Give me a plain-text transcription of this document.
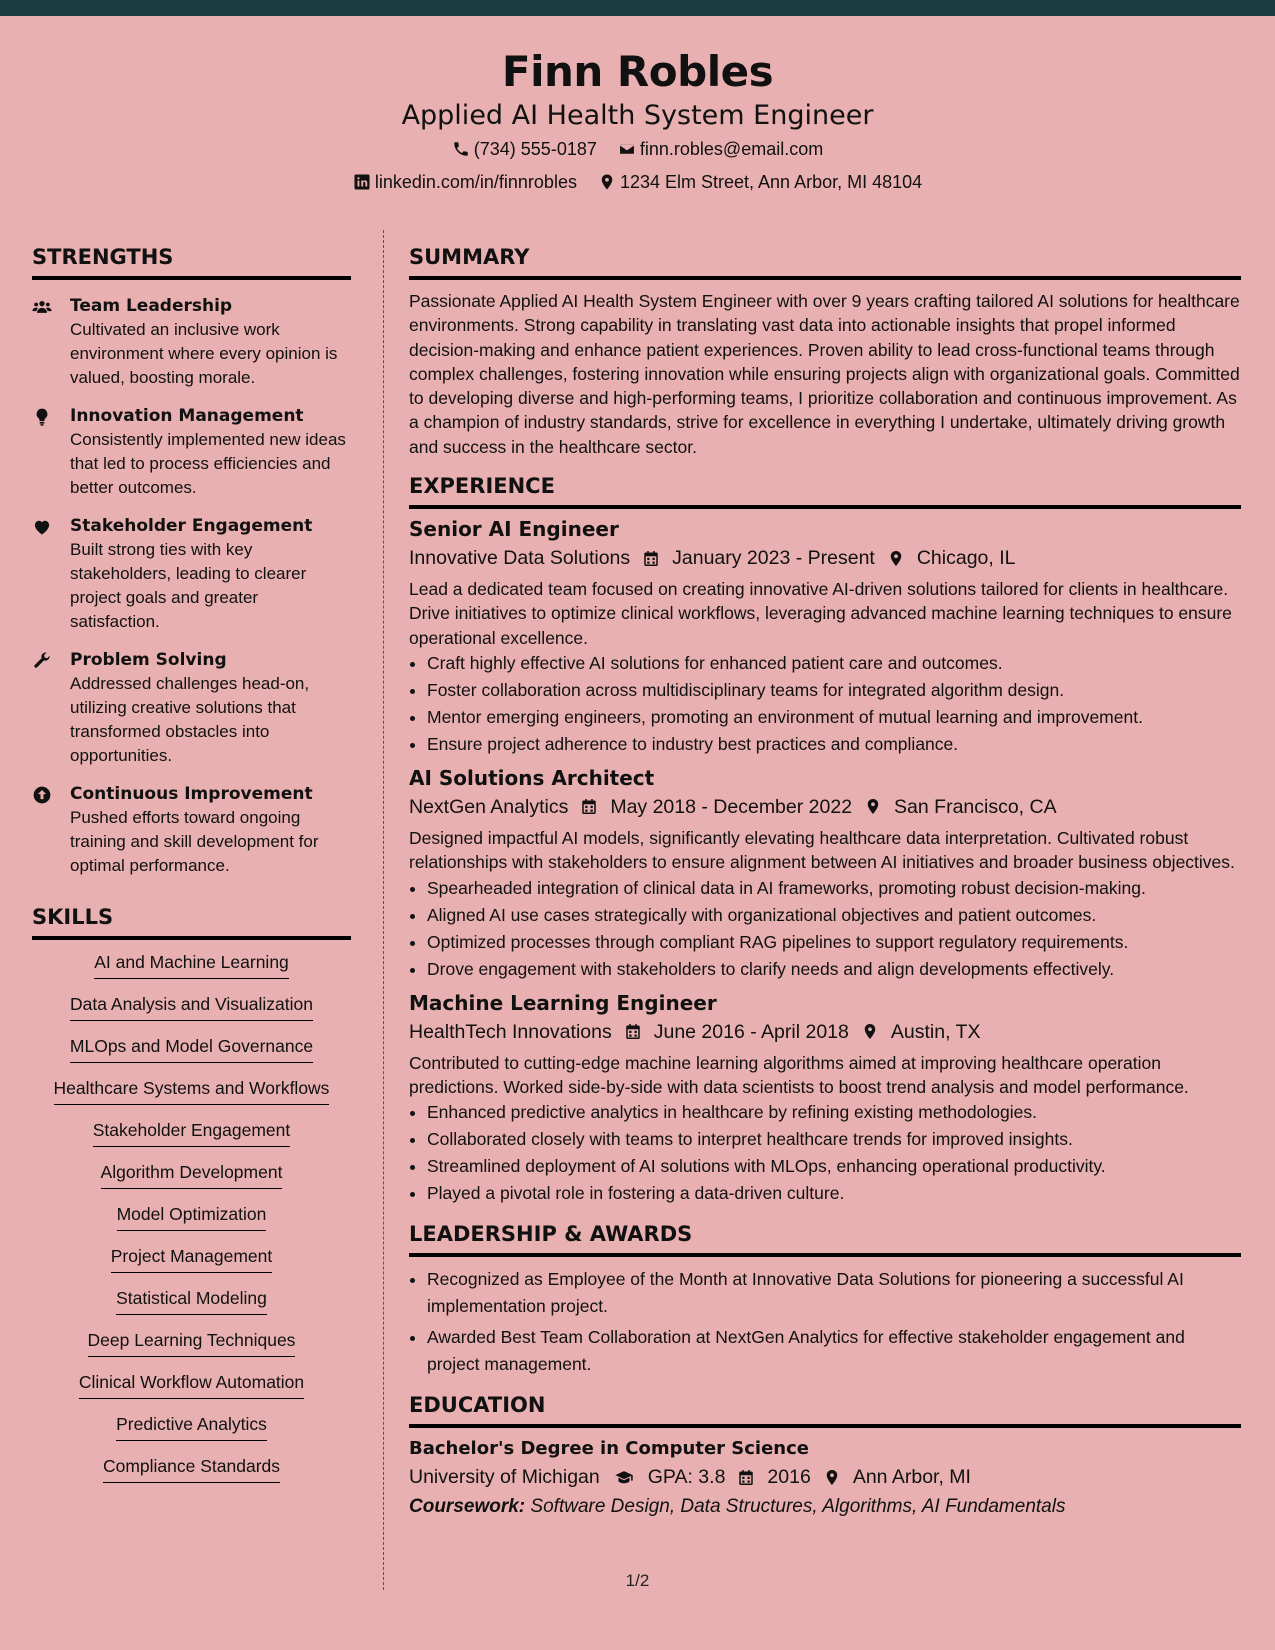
Finn Robles
Applied AI Health System Engineer
(734) 555-0187
finn.robles@email.com
linkedin.com/in/finnrobles
1234 Elm Street, Ann Arbor, MI 48104
STRENGTHS
Team Leadership
Cultivated an inclusive work environment where every opinion is valued, boosting morale.
Innovation Management
Consistently implemented new ideas that led to process efficiencies and better outcomes.
Stakeholder Engagement
Built strong ties with key stakeholders, leading to clearer project goals and greater satisfaction.
Problem Solving
Addressed challenges head-on, utilizing creative solutions that transformed obstacles into opportunities.
Continuous Improvement
Pushed efforts toward ongoing training and skill development for optimal performance.
SKILLS
AI and Machine Learning
Data Analysis and Visualization
MLOps and Model Governance
Healthcare Systems and Workflows
Stakeholder Engagement
Algorithm Development
Model Optimization
Project Management
Statistical Modeling
Deep Learning Techniques
Clinical Workflow Automation
Predictive Analytics
Compliance Standards
SUMMARY

Passionate Applied AI Health System Engineer with over 9 years crafting tailored AI solutions for healthcare environments. Strong capability in translating vast data into actionable insights that propel informed decision-making and enhance patient experiences. Proven ability to lead cross-functional teams through complex challenges, fostering innovation while ensuring projects align with organizational goals. Committed to developing diverse and high-performing teams, I prioritize collaboration and continuous improvement. As a champion of industry standards, strive for excellence in everything I undertake, ultimately driving growth and success in the healthcare sector.

EXPERIENCE
Senior AI Engineer
Innovative Data Solutions January 2023 - Present Chicago, IL
Lead a dedicated team focused on creating innovative AI-driven solutions tailored for clients in healthcare. Drive initiatives to optimize clinical workflows, leveraging advanced machine learning techniques to ensure operational excellence.
• Craft highly effective AI solutions for enhanced patient care and outcomes.
• Foster collaboration across multidisciplinary teams for integrated algorithm design.
• Mentor emerging engineers, promoting an environment of mutual learning and improvement.
• Ensure project adherence to industry best practices and compliance.
AI Solutions Architect
NextGen Analytics May 2018 - December 2022 San Francisco, CA
Designed impactful AI models, significantly elevating healthcare data interpretation. Cultivated robust relationships with stakeholders to ensure alignment between AI initiatives and broader business objectives.
• Spearheaded integration of clinical data in AI frameworks, promoting robust decision-making.
• Aligned AI use cases strategically with organizational objectives and patient outcomes.
• Optimized processes through compliant RAG pipelines to support regulatory requirements.
• Drove engagement with stakeholders to clarify needs and align developments effectively.
Machine Learning Engineer
HealthTech Innovations June 2016 - April 2018 Austin, TX
Contributed to cutting-edge machine learning algorithms aimed at improving healthcare operation predictions. Worked side-by-side with data scientists to boost trend analysis and model performance.
• Enhanced predictive analytics in healthcare by refining existing methodologies.
• Collaborated closely with teams to interpret healthcare trends for improved insights.
• Streamlined deployment of AI solutions with MLOps, enhancing operational productivity.
• Played a pivotal role in fostering a data-driven culture.
LEADERSHIP & AWARDS
• Recognized as Employee of the Month at Innovative Data Solutions for pioneering a successful AI implementation project.
• Awarded Best Team Collaboration at NextGen Analytics for effective stakeholder engagement and project management.
EDUCATION
Bachelor's Degree in Computer Science
University of Michigan GPA: 3.8 2016 Ann Arbor, MI
Coursework: Software Design, Data Structures, Algorithms, AI Fundamentals
1/2
